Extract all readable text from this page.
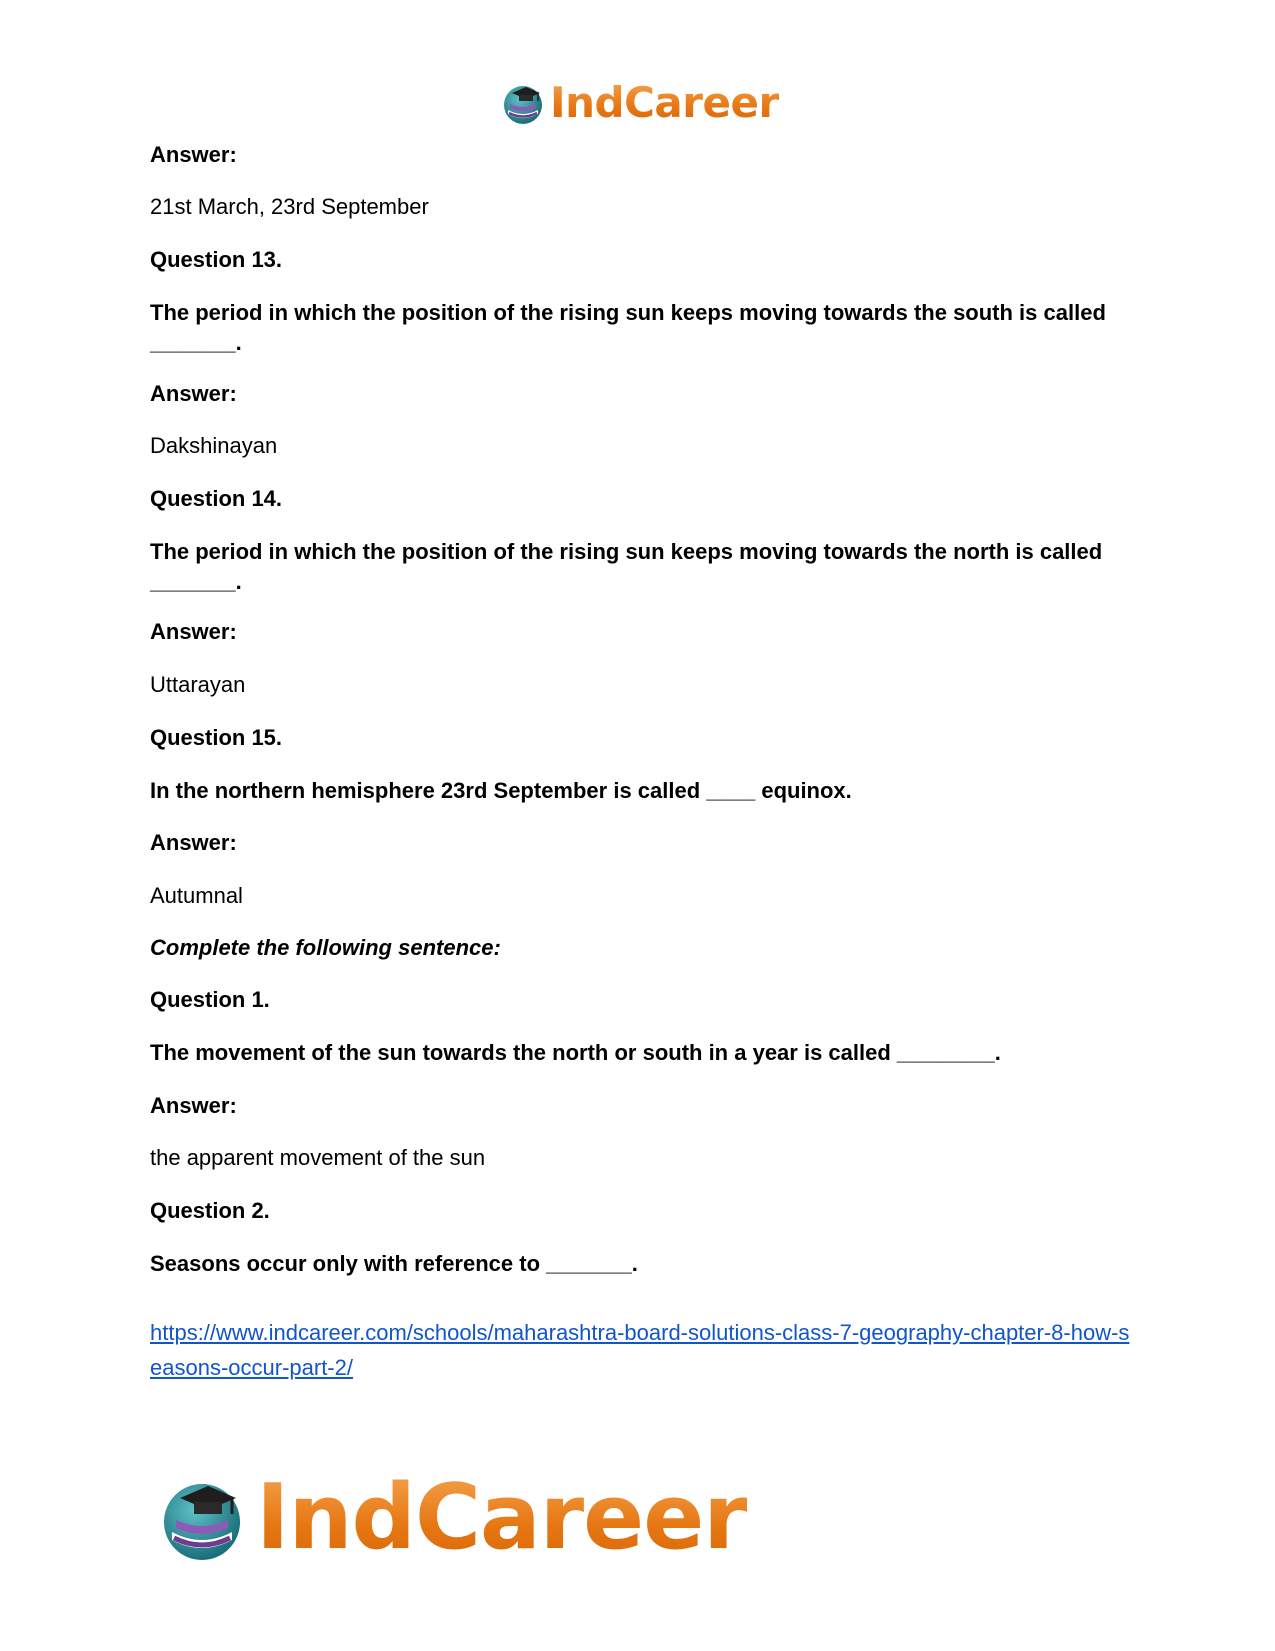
IndCareer
Answer:
21st March, 23rd September
Question 13.
The period in which the position of the rising sun keeps moving towards the south is called _______.
Answer:
Dakshinayan
Question 14.
The period in which the position of the rising sun keeps moving towards the north is called _______.
Answer:
Uttarayan
Question 15.
In the northern hemisphere 23rd September is called ____ equinox.
Answer:
Autumnal
Complete the following sentence:
Question 1.
The movement of the sun towards the north or south in a year is called ________.
Answer:
the apparent movement of the sun
Question 2.
Seasons occur only with reference to _______.
https://www.indcareer.com/schools/maharashtra-board-solutions-class-7-geography-chapter-8-how-seasons-occur-part-2/
IndCareer
